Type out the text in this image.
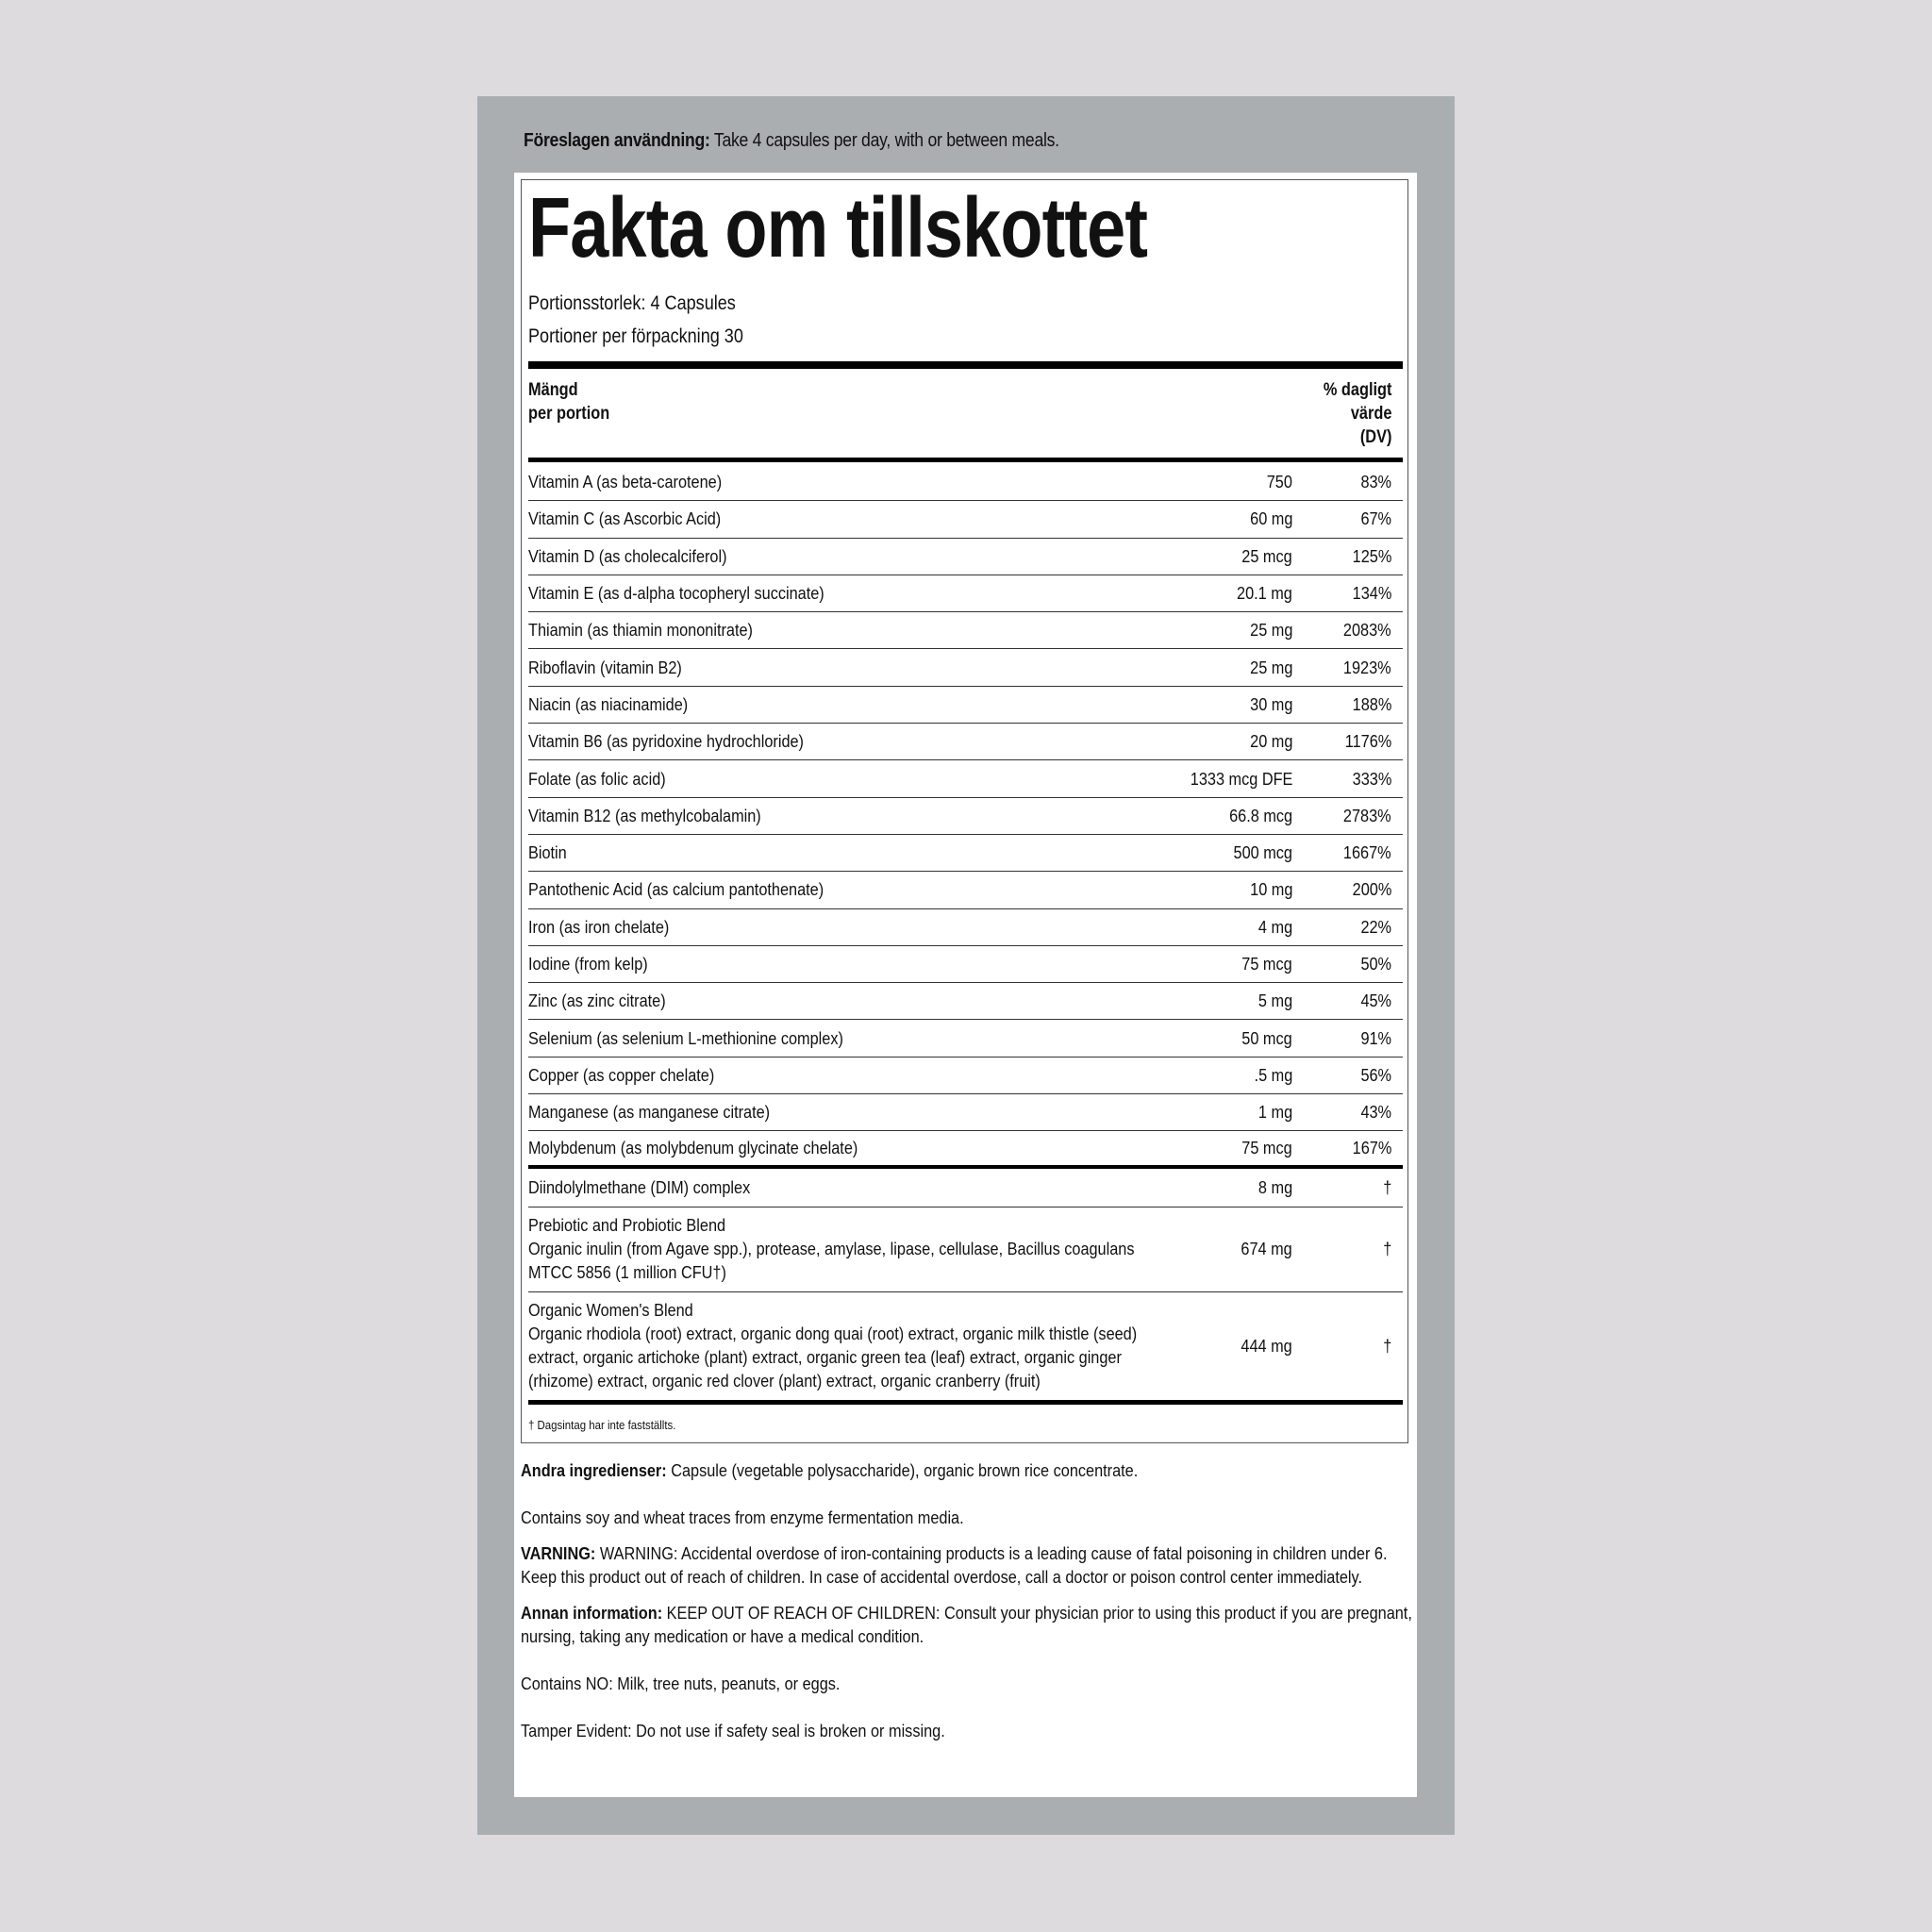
Föreslagen användning: Take 4 capsules per day, with or between meals.
Fakta om tillskottet
Portionsstorlek: 4 Capsules
Portioner per förpackning 30
Mängd
per portion
% dagligt
värde
(DV)
Vitamin A (as beta-carotene)	750	83%
Vitamin C (as Ascorbic Acid)	60 mg	67%
Vitamin D (as cholecalciferol)	25 mcg	125%
Vitamin E (as d-alpha tocopheryl succinate)	20.1 mg	134%
Thiamin (as thiamin mononitrate)	25 mg	2083%
Riboflavin (vitamin B2)	25 mg	1923%
Niacin (as niacinamide)	30 mg	188%
Vitamin B6 (as pyridoxine hydrochloride)	20 mg	1176%
Folate (as folic acid)	1333 mcg DFE	333%
Vitamin B12 (as methylcobalamin)	66.8 mcg	2783%
Biotin	500 mcg	1667%
Pantothenic Acid (as calcium pantothenate)	10 mg	200%
Iron (as iron chelate)	4 mg	22%
Iodine (from kelp)	75 mcg	50%
Zinc (as zinc citrate)	5 mg	45%
Selenium (as selenium L-methionine complex)	50 mcg	91%
Copper (as copper chelate)	.5 mg	56%
Manganese (as manganese citrate)	1 mg	43%
Molybdenum (as molybdenum glycinate chelate)	75 mcg	167%
Diindolylmethane (DIM) complex	8 mg	†
Prebiotic and Probiotic Blend
Organic inulin (from Agave spp.), protease, amylase, lipase, cellulase, Bacillus coagulans MTCC 5856 (1 million CFU†)
674 mg	†
Organic Women's Blend
Organic rhodiola (root) extract, organic dong quai (root) extract, organic milk thistle (seed) extract, organic artichoke (plant) extract, organic green tea (leaf) extract, organic ginger (rhizome) extract, organic red clover (plant) extract, organic cranberry (fruit)
444 mg	†
† Dagsintag har inte fastställts.

Andra ingredienser: Capsule (vegetable polysaccharide), organic brown rice concentrate.

Contains soy and wheat traces from enzyme fermentation media.

VARNING: WARNING: Accidental overdose of iron-containing products is a leading cause of fatal poisoning in children under 6. Keep this product out of reach of children. In case of accidental overdose, call a doctor or poison control center immediately.

Annan information: KEEP OUT OF REACH OF CHILDREN: Consult your physician prior to using this product if you are pregnant, nursing, taking any medication or have a medical condition.

Contains NO: Milk, tree nuts, peanuts, or eggs.

Tamper Evident: Do not use if safety seal is broken or missing.
